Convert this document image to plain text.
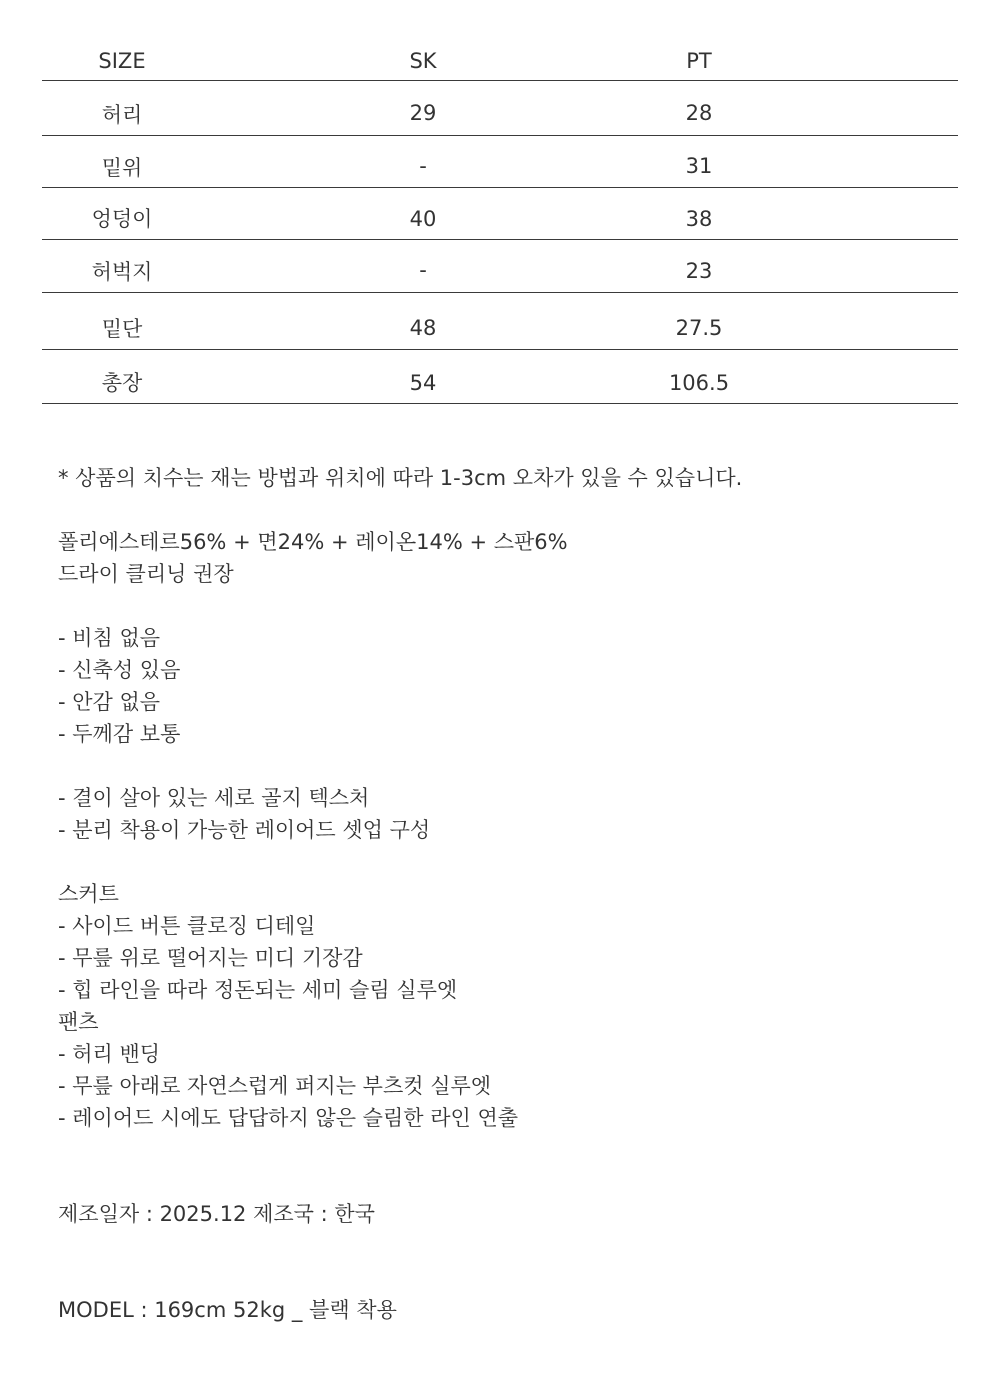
SIZE	SK	PT
허리	29	28
밑위	-	31
엉덩이	40	38
허벅지	-	23
밑단	48	27.5
총장	54	106.5
* 상품의 치수는 재는 방법과 위치에 따라 1-3cm 오차가 있을 수 있습니다.
폴리에스테르56% + 면24% + 레이온14% + 스판6%
드라이 클리닝 권장
- 비침 없음
- 신축성 있음
- 안감 없음
- 두께감 보통
- 결이 살아 있는 세로 골지 텍스처
- 분리 착용이 가능한 레이어드 셋업 구성
스커트
- 사이드 버튼 클로징 디테일
- 무릎 위로 떨어지는 미디 기장감
- 힙 라인을 따라 정돈되는 세미 슬림 실루엣
팬츠
- 허리 밴딩
- 무릎 아래로 자연스럽게 퍼지는 부츠컷 실루엣
- 레이어드 시에도 답답하지 않은 슬림한 라인 연출
제조일자 : 2025.12 제조국 : 한국
MODEL : 169cm 52kg _ 블랙 착용
